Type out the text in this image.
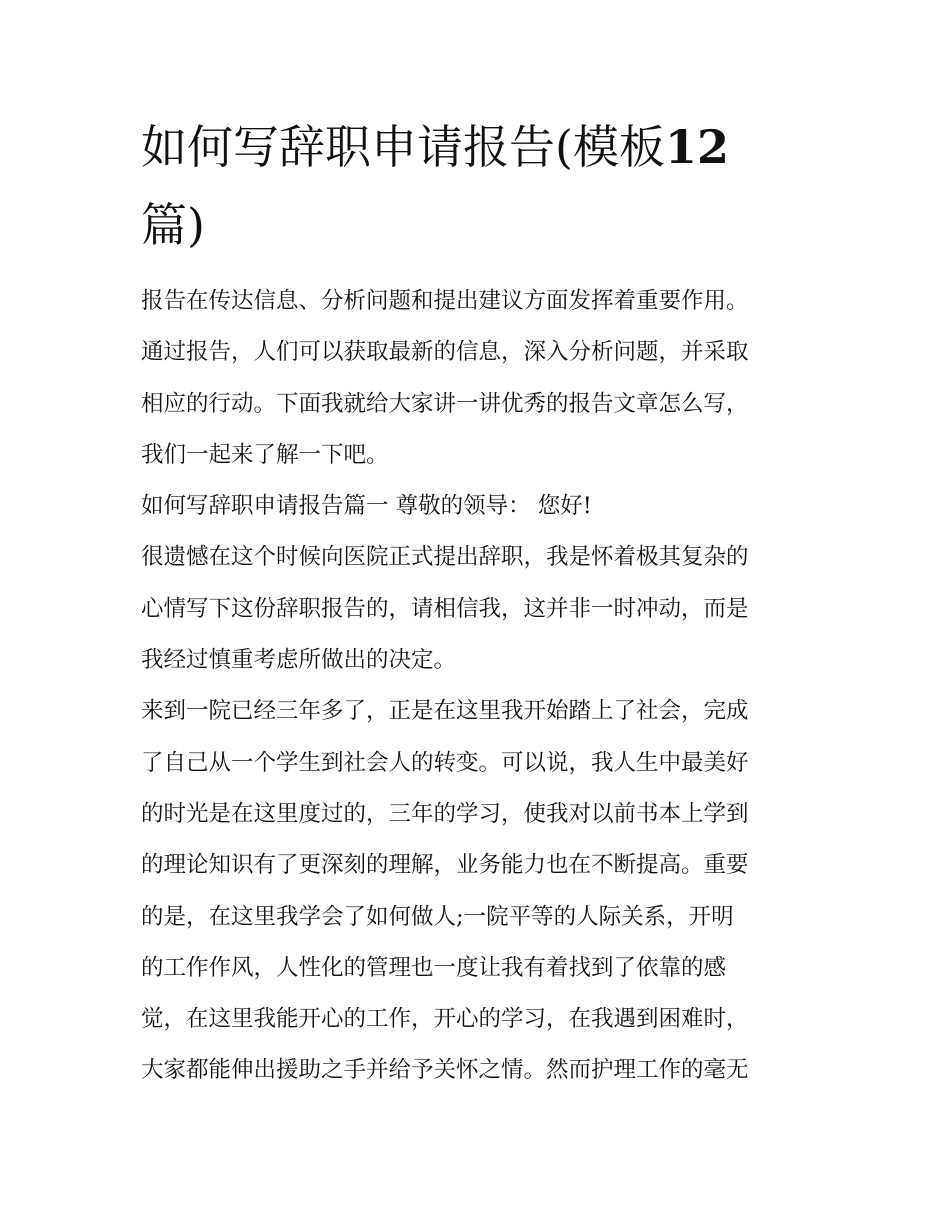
如何写辞职申请报告(模板12
篇)
报告在传达信息、分析问题和提出建议方面发挥着重要作用。
通过报告，人们可以获取最新的信息，深入分析问题，并采取
相应的行动。下面我就给大家讲一讲优秀的报告文章怎么写，
我们一起来了解一下吧。
如何写辞职申请报告篇一 尊敬的领导： 您好!
很遗憾在这个时候向医院正式提出辞职，我是怀着极其复杂的
心情写下这份辞职报告的，请相信我，这并非一时冲动，而是
我经过慎重考虑所做出的决定。
来到一院已经三年多了，正是在这里我开始踏上了社会，完成
了自己从一个学生到社会人的转变。可以说，我人生中最美好
的时光是在这里度过的，三年的学习，使我对以前书本上学到
的理论知识有了更深刻的理解，业务能力也在不断提高。重要
的是，在这里我学会了如何做人;一院平等的人际关系，开明
的工作作风，人性化的管理也一度让我有着找到了依靠的感
觉，在这里我能开心的工作，开心的学习，在我遇到困难时，
大家都能伸出援助之手并给予关怀之情。然而护理工作的毫无
